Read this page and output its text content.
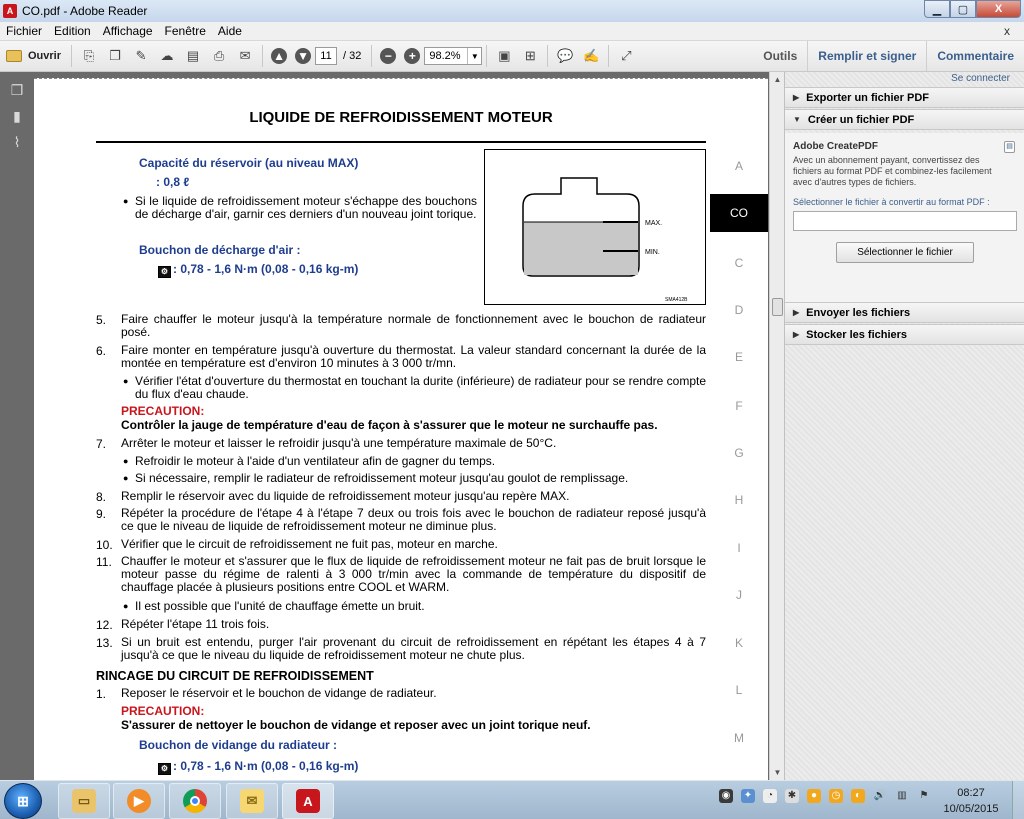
A CO.pdf - Adobe Reader	▁	▢	X
Fichier	Edition	Affichage	Fenêtre	Aide	x
Ouvrir	⎘	❐	✎	☁	▤	⎙	✉	▲ ▼	11	/ 32	−	+	98.2%	▼	▣	⊞	💬 ✍	⤢	Outils	Remplir et signer	Commentaire
❒
▮
⌇
LIQUIDE DE REFROIDISSEMENT MOTEUR
Capacité du réservoir (au niveau MAX)
: 0,8 ℓ
● Si le liquide de refroidissement moteur s'échappe des bouchons de décharge d'air, garnir ces derniers d'un nouveau joint torique.
Bouchon de décharge d'air :
⚙ : 0,78 - 1,6 N·m (0,08 - 0,16 kg-m)
MAX.
MIN.
SMA412B
5. Faire chauffer le moteur jusqu'à la température normale de fonctionnement avec le bouchon de radiateur posé.
6. Faire monter en température jusqu'à ouverture du thermostat. La valeur standard concernant la durée de la montée en température est d'environ 10 minutes à 3 000 tr/mn.
● Vérifier l'état d'ouverture du thermostat en touchant la durite (inférieure) de radiateur pour se rendre compte du flux d'eau chaude.
PRECAUTION:
Contrôler la jauge de température d'eau de façon à s'assurer que le moteur ne surchauffe pas.
7. Arrêter le moteur et laisser le refroidir jusqu'à une température maximale de 50°C.
● Refroidir le moteur à l'aide d'un ventilateur afin de gagner du temps.
● Si nécessaire, remplir le radiateur de refroidissement moteur jusqu'au goulot de remplissage.
8. Remplir le réservoir avec du liquide de refroidissement moteur jusqu'au repère MAX.
9. Répéter la procédure de l'étape 4 à l'étape 7 deux ou trois fois avec le bouchon de radiateur reposé jusqu'à ce que le niveau de liquide de refroidissement moteur ne diminue plus.
10. Vérifier que le circuit de refroidissement ne fuit pas, moteur en marche.
11. Chauffer le moteur et s'assurer que le flux de liquide de refroidissement moteur ne fait pas de bruit lorsque le moteur passe du régime de ralenti à 3 000 tr/min avec la commande de température du dispositif de chauffage placée à plusieurs positions entre COOL et WARM.
● Il est possible que l'unité de chauffage émette un bruit.
12. Répéter l'étape 11 trois fois.
13. Si un bruit est entendu, purger l'air provenant du circuit de refroidissement en répétant les étapes 4 à 7 jusqu'à ce que le niveau du liquide de refroidissement moteur ne chute plus.
RINCAGE DU CIRCUIT DE REFROIDISSEMENT
1. Reposer le réservoir et le bouchon de vidange de radiateur.
PRECAUTION:
S'assurer de nettoyer le bouchon de vidange et reposer avec un joint torique neuf.
Bouchon de vidange du radiateur :
⚙ : 0,78 - 1,6 N·m (0,08 - 0,16 kg-m)
A
CO
C
D
E
F
G
H
I
J
K
L
M
▲
▼
Se connecter
▶ Exporter un fichier PDF
▼ Créer un fichier PDF
Adobe CreatePDF	▤
Avec un abonnement payant, convertissez des fichiers au format PDF et combinez-les facilement avec d'autres types de fichiers.
Sélectionner le fichier à convertir au format PDF :
Sélectionner le fichier
▶ Envoyer les fichiers
▶ Stocker les fichiers
⊞	▭	▶	✉	A	◉ ✦	◔	✱	●	◷	◐	🔊 ▥ ⚑	08:27
10/05/2015
